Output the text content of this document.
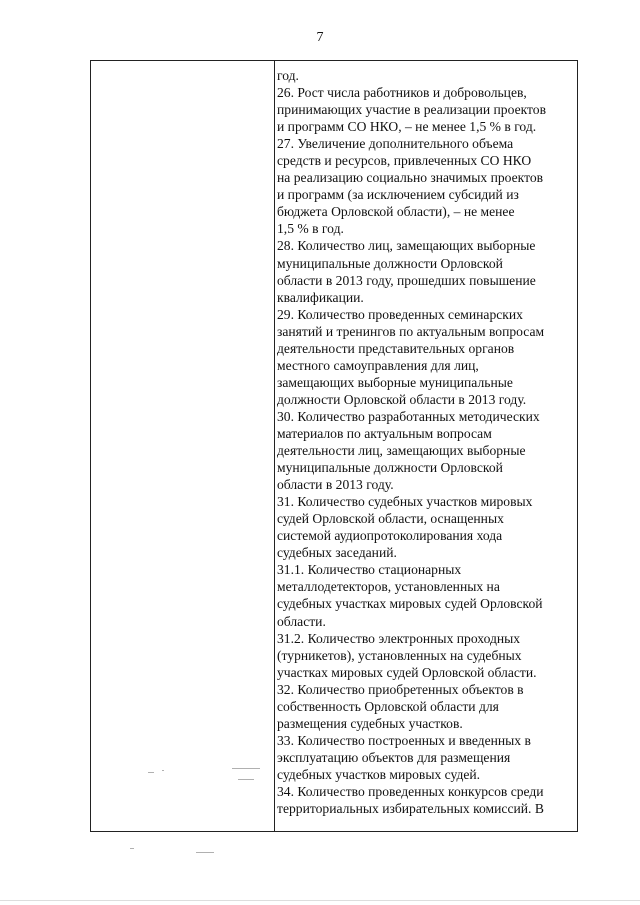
7
год.
26. Рост числа работников и добровольцев,
принимающих участие в реализации проектов
и программ СО НКО, – не менее 1,5 % в год.
27. Увеличение дополнительного объема
средств и ресурсов, привлеченных СО НКО
на реализацию социально значимых проектов
и программ (за исключением субсидий из
бюджета Орловской области), – не менее
1,5 % в год.
28. Количество лиц, замещающих выборные
муниципальные должности Орловской
области в 2013 году, прошедших повышение
квалификации.
29. Количество проведенных семинарских
занятий и тренингов по актуальным вопросам
деятельности представительных органов
местного самоуправления для лиц,
замещающих выборные муниципальные
должности Орловской области в 2013 году.
30. Количество разработанных методических
материалов по актуальным вопросам
деятельности лиц, замещающих выборные
муниципальные должности Орловской
области в 2013 году.
31. Количество судебных участков мировых
судей Орловской области, оснащенных
системой аудиопротоколирования хода
судебных заседаний.
31.1. Количество стационарных
металлодетекторов, установленных на
судебных участках мировых судей Орловской
области.
31.2. Количество электронных проходных
(турникетов), установленных на судебных
участках мировых судей Орловской области.
32. Количество приобретенных объектов в
собственность Орловской области для
размещения судебных участков.
33. Количество построенных и введенных в
эксплуатацию объектов для размещения
судебных участков мировых судей.
34. Количество проведенных конкурсов среди
территориальных избирательных комиссий. В
